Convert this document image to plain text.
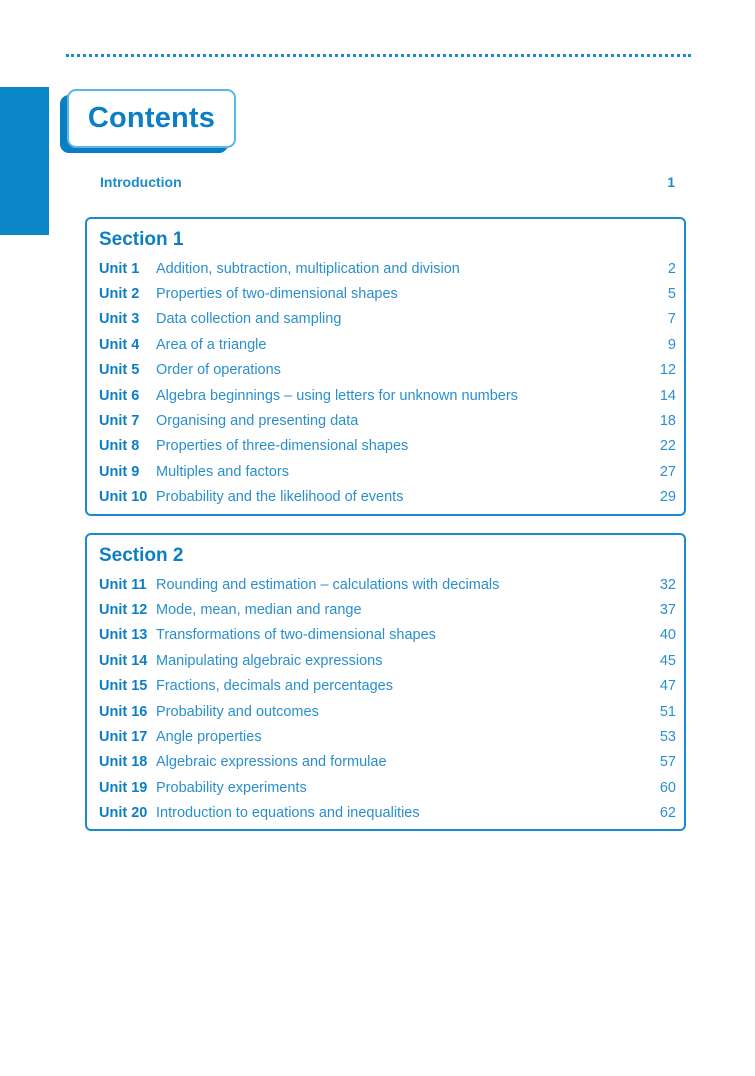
Contents
Introduction	1
Section 1
Unit 1	Addition, subtraction, multiplication and division	2
Unit 2	Properties of two-dimensional shapes	5
Unit 3	Data collection and sampling	7
Unit 4	Area of a triangle	9
Unit 5	Order of operations	12
Unit 6	Algebra beginnings – using letters for unknown numbers	14
Unit 7	Organising and presenting data	18
Unit 8	Properties of three-dimensional shapes	22
Unit 9	Multiples and factors	27
Unit 10 Probability and the likelihood of events	29
Section 2
Unit 11 Rounding and estimation – calculations with decimals	32
Unit 12 Mode, mean, median and range	37
Unit 13 Transformations of two-dimensional shapes	40
Unit 14 Manipulating algebraic expressions	45
Unit 15 Fractions, decimals and percentages	47
Unit 16 Probability and outcomes	51
Unit 17 Angle properties	53
Unit 18 Algebraic expressions and formulae	57
Unit 19 Probability experiments	60
Unit 20 Introduction to equations and inequalities	62
